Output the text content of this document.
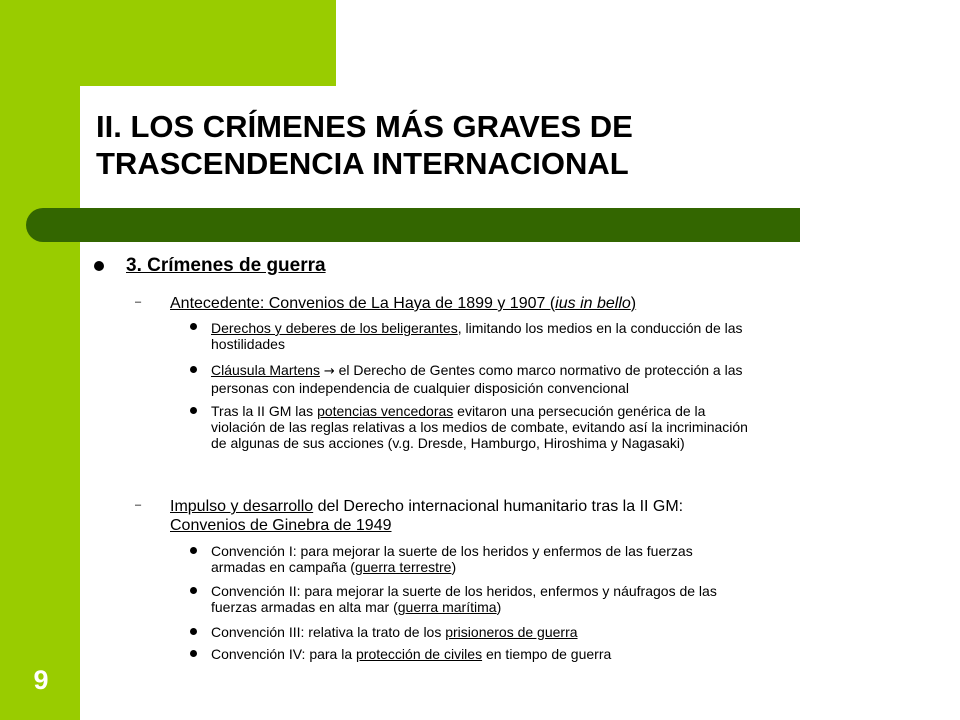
II. LOS CRÍMENES MÁS GRAVES DE
TRASCENDENCIA INTERNACIONAL
9
3. Crímenes de guerra
– Antecedente: Convenios de La Haya de 1899 y 1907 (ius in bello)
Derechos y deberes de los beligerantes, limitando los medios en la conducción de las
hostilidades
Cláusula Martens → el Derecho de Gentes como marco normativo de protección a las
personas con independencia de cualquier disposición convencional
Tras la II GM las potencias vencedoras evitaron una persecución genérica de la
violación de las reglas relativas a los medios de combate, evitando así la incriminación
de algunas de sus acciones (v.g. Dresde, Hamburgo, Hiroshima y Nagasaki)
– Impulso y desarrollo del Derecho internacional humanitario tras la II GM:
Convenios de Ginebra de 1949
Convención I: para mejorar la suerte de los heridos y enfermos de las fuerzas
armadas en campaña (guerra terrestre)
Convención II: para mejorar la suerte de los heridos, enfermos y náufragos de las
fuerzas armadas en alta mar (guerra marítima)
Convención III: relativa la trato de los prisioneros de guerra
Convención IV: para la protección de civiles en tiempo de guerra
